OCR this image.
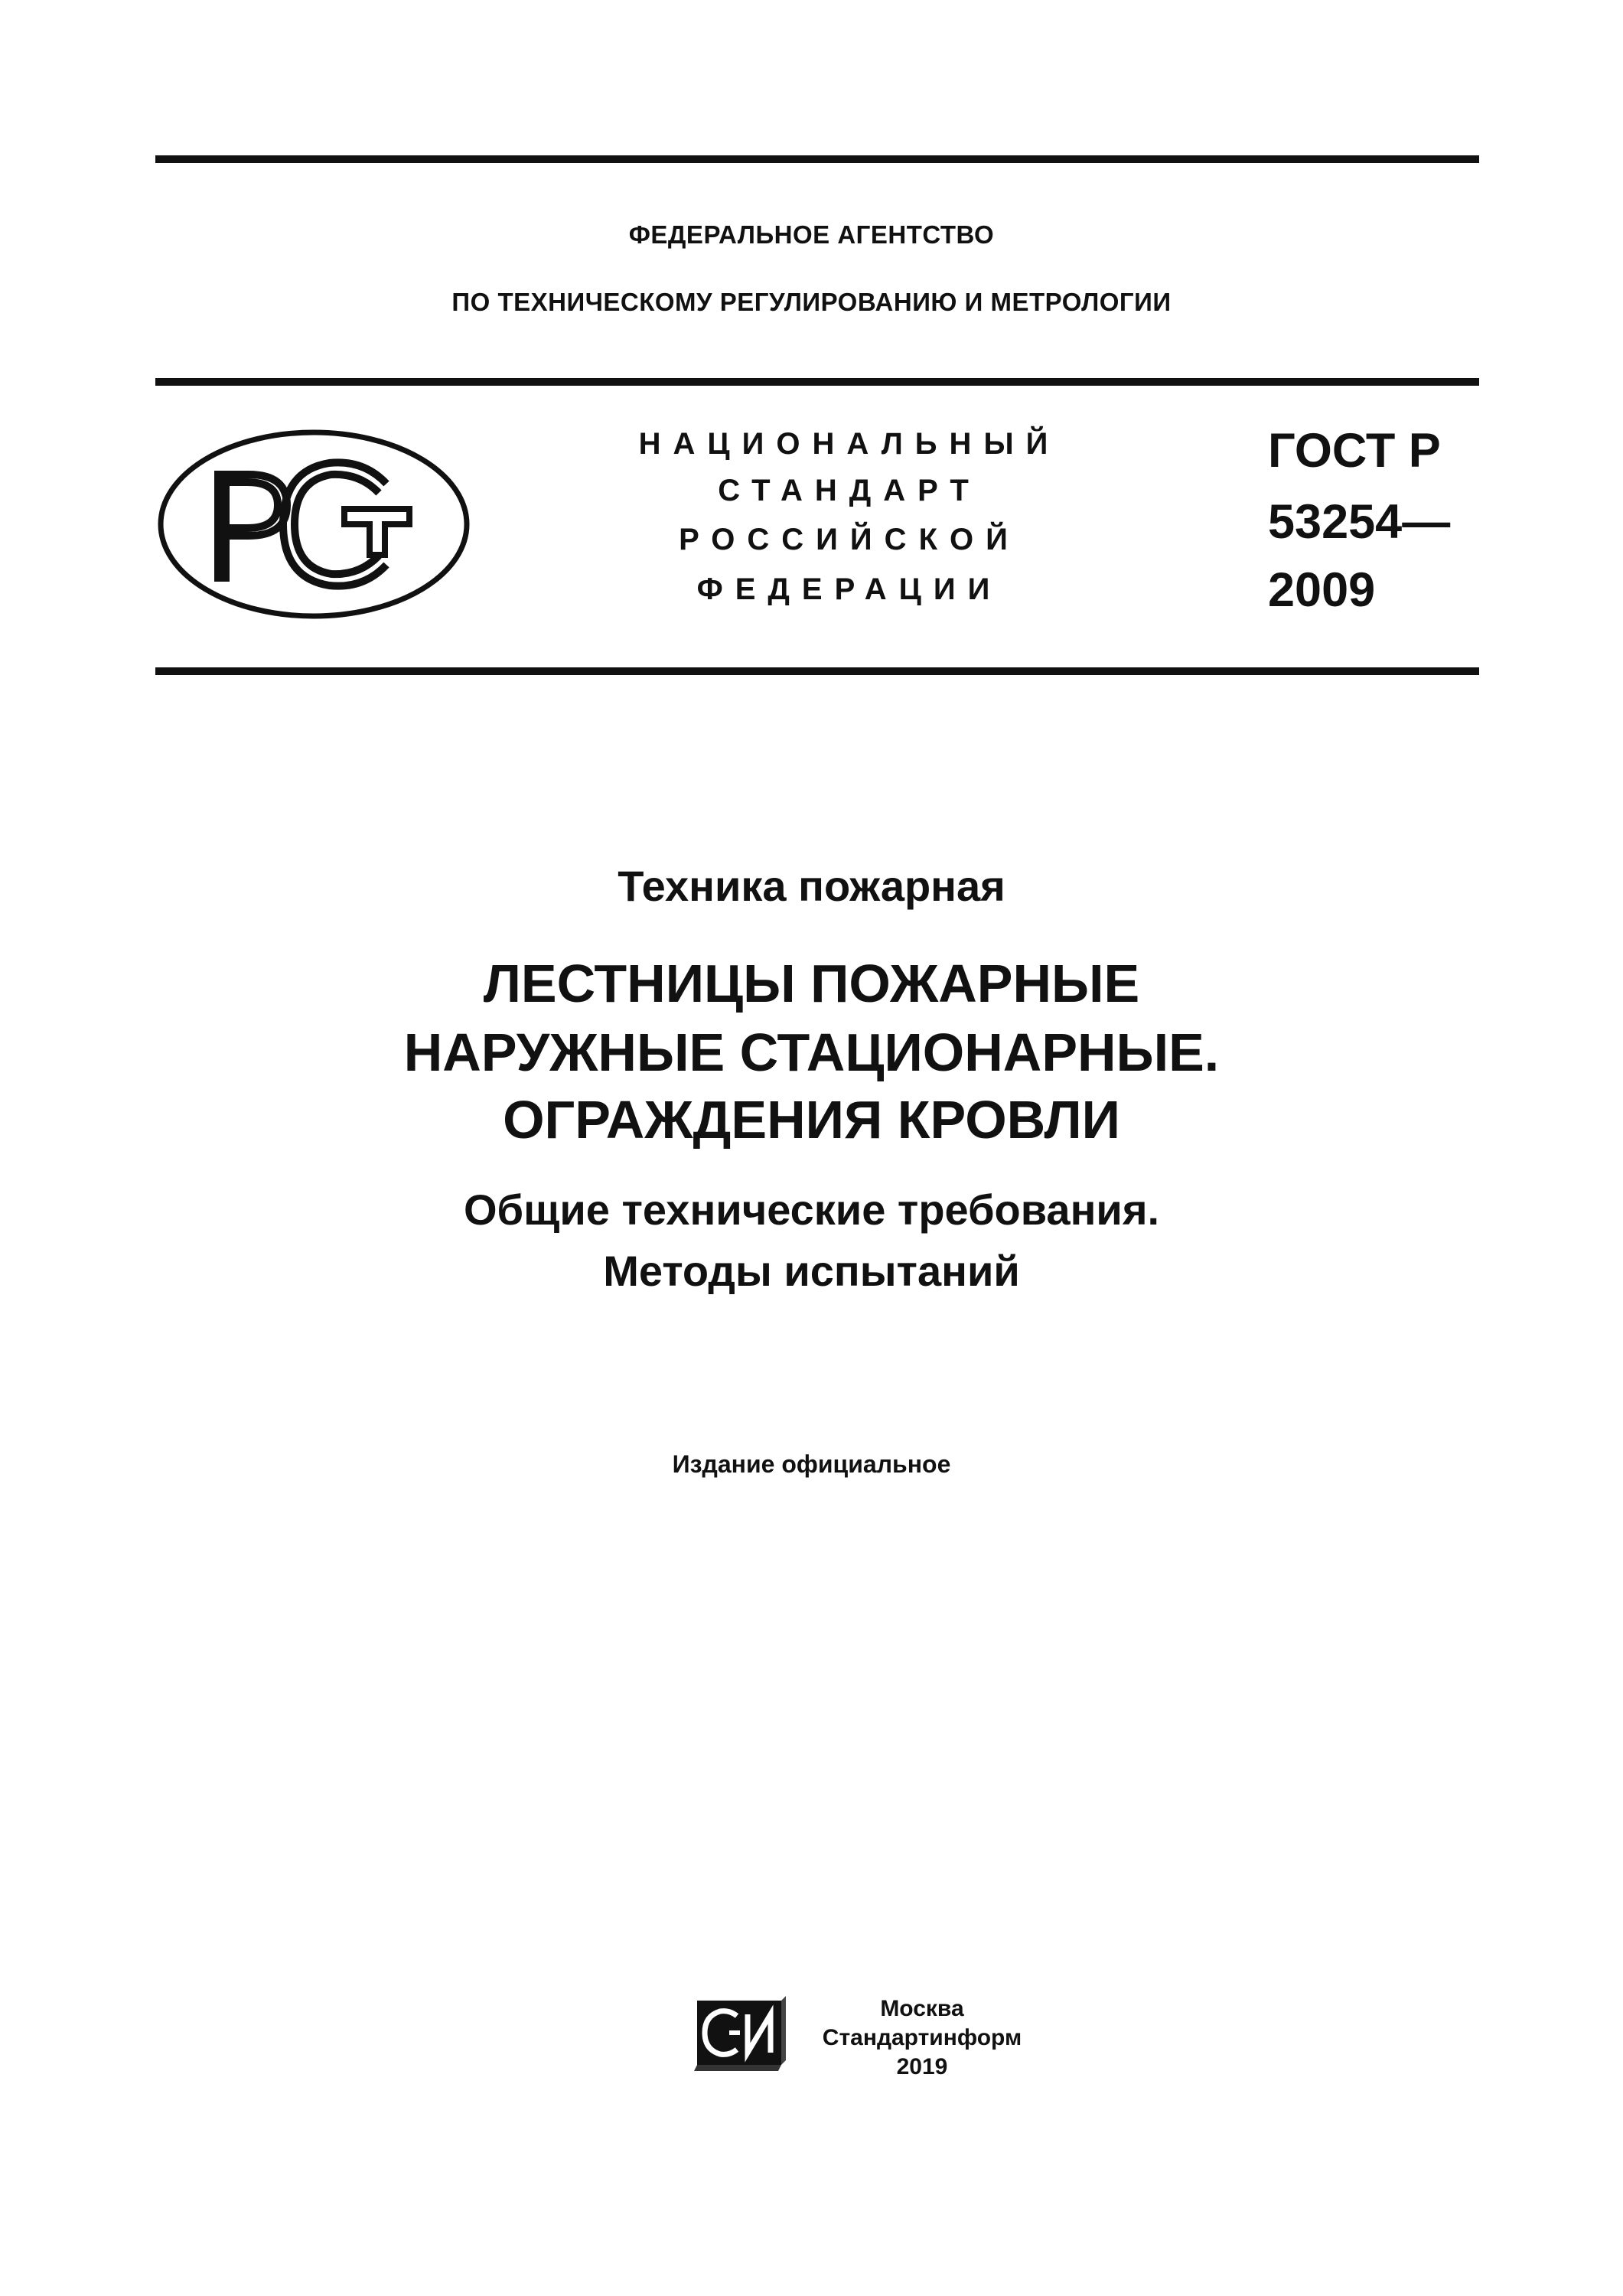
ФЕДЕРАЛЬНОЕ АГЕНТСТВО
ПО ТЕХНИЧЕСКОМУ РЕГУЛИРОВАНИЮ И МЕТРОЛОГИИ
РСТ
НАЦИОНАЛЬНЫЙ
СТАНДАРТ
РОССИЙСКОЙ
ФЕДЕРАЦИИ
ГОСТ Р
53254—
2009
Техника пожарная
ЛЕСТНИЦЫ ПОЖАРНЫЕ
НАРУЖНЫЕ СТАЦИОНАРНЫЕ.
ОГРАЖДЕНИЯ КРОВЛИ
Общие технические требования.
Методы испытаний
Издание официальное
СИ
Москва
Стандартинформ
2019
